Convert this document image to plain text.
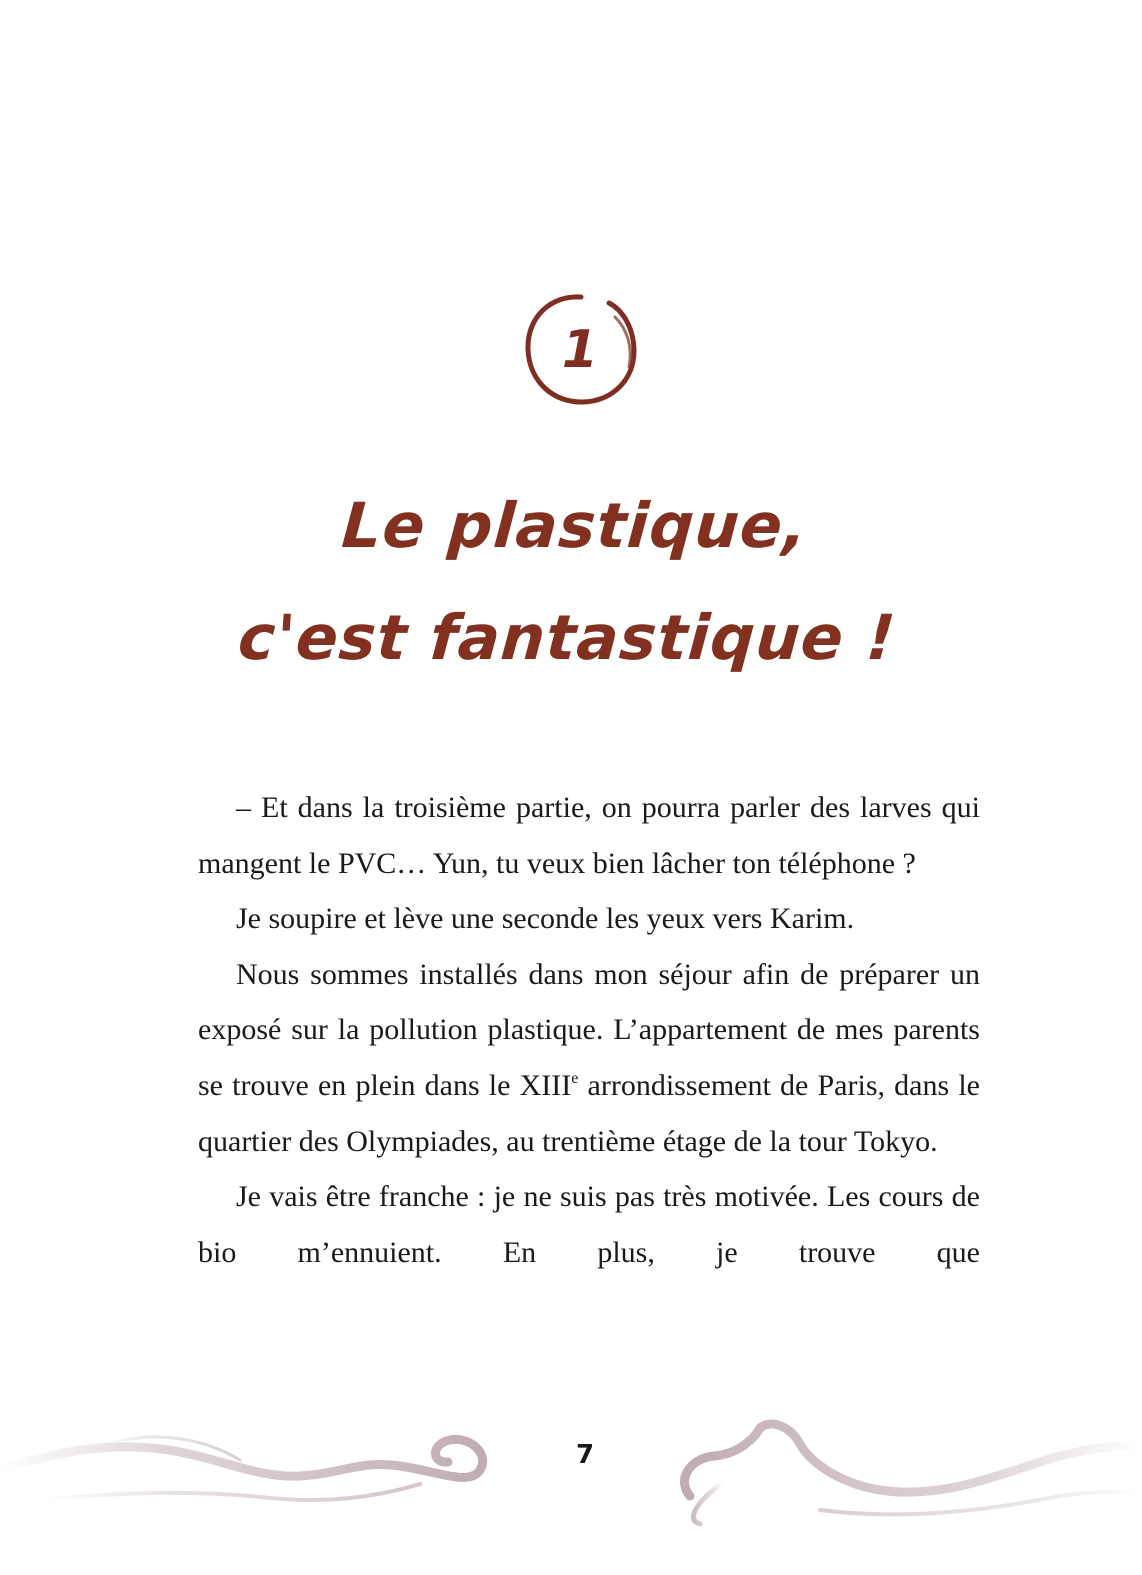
1
Le plastique,
c'est fantastique !

– Et dans la troisième partie, on pourra parler des larves qui mangent le PVC… Yun, tu veux bien lâcher ton téléphone ?

Je soupire et lève une seconde les yeux vers Karim.

Nous sommes installés dans mon séjour afin de préparer un exposé sur la pollution plastique. L’appartement de mes parents se trouve en plein dans le XIIIe arrondissement de Paris, dans le quartier des Olympiades, au trentième étage de la tour Tokyo.

Je vais être franche : je ne suis pas très motivée. Les cours de bio m’ennuient. En plus, je trouve que

7
